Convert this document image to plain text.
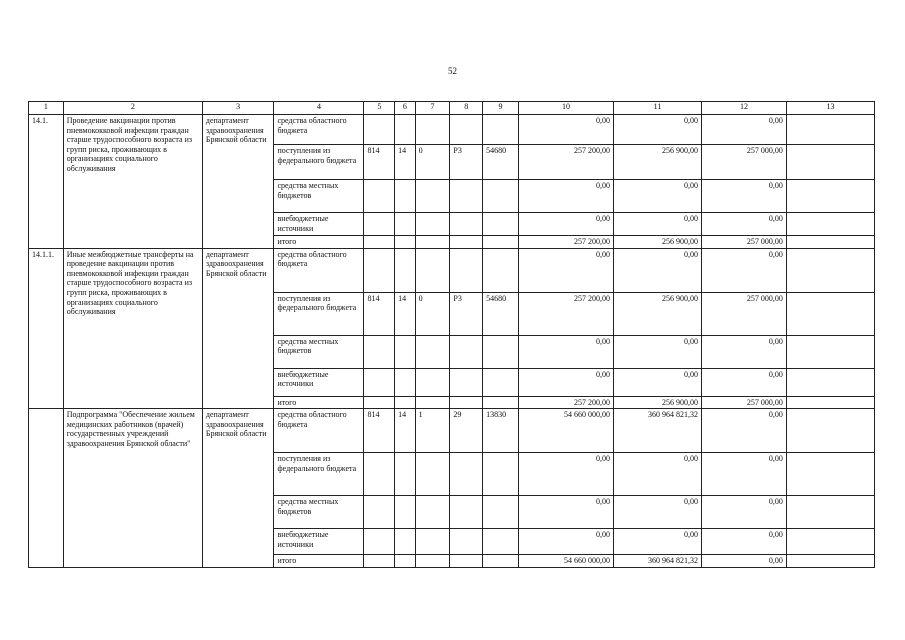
52
1	2	3	4	5	6	7	8	9	10	11	12	13
14.1.	Проведение вакцинации против пневмококковой инфекции граждан старше трудоспособного возраста из групп риска, проживающих в организациях социального обслуживания	департамент здравоохранения Брянской области	средства областного бюджета						0,00	0,00	0,00	
			поступления из федерального бюджета	814	14	0	Р3	54680	257 200,00	256 900,00	257 000,00	
			средства местных бюджетов						0,00	0,00	0,00	
			внебюджетные источники						0,00	0,00	0,00	
			итого						257 200,00	256 900,00	257 000,00	
14.1.1.	Иные межбюджетные трансферты на проведение вакцинации против пневмококковой инфекции граждан старше трудоспособного возраста из групп риска, проживающих в организациях социального обслуживания	департамент здравоохранения Брянской области	средства областного бюджета						0,00	0,00	0,00	
			поступления из федерального бюджета	814	14	0	Р3	54680	257 200,00	256 900,00	257 000,00	
			средства местных бюджетов						0,00	0,00	0,00	
			внебюджетные источники						0,00	0,00	0,00	
			итого						257 200,00	256 900,00	257 000,00	
	Подпрограмма "Обеспечение жильем медицинских работников (врачей) государственных учреждений здравоохранения Брянской области"	департамент здравоохранения Брянской области	средства областного бюджета	814	14	1	29	13830	54 660 000,00	360 964 821,32	0,00	
			поступления из федерального бюджета						0,00	0,00	0,00	
			средства местных бюджетов						0,00	0,00	0,00	
			внебюджетные источники						0,00	0,00	0,00	
			итого						54 660 000,00	360 964 821,32	0,00	
